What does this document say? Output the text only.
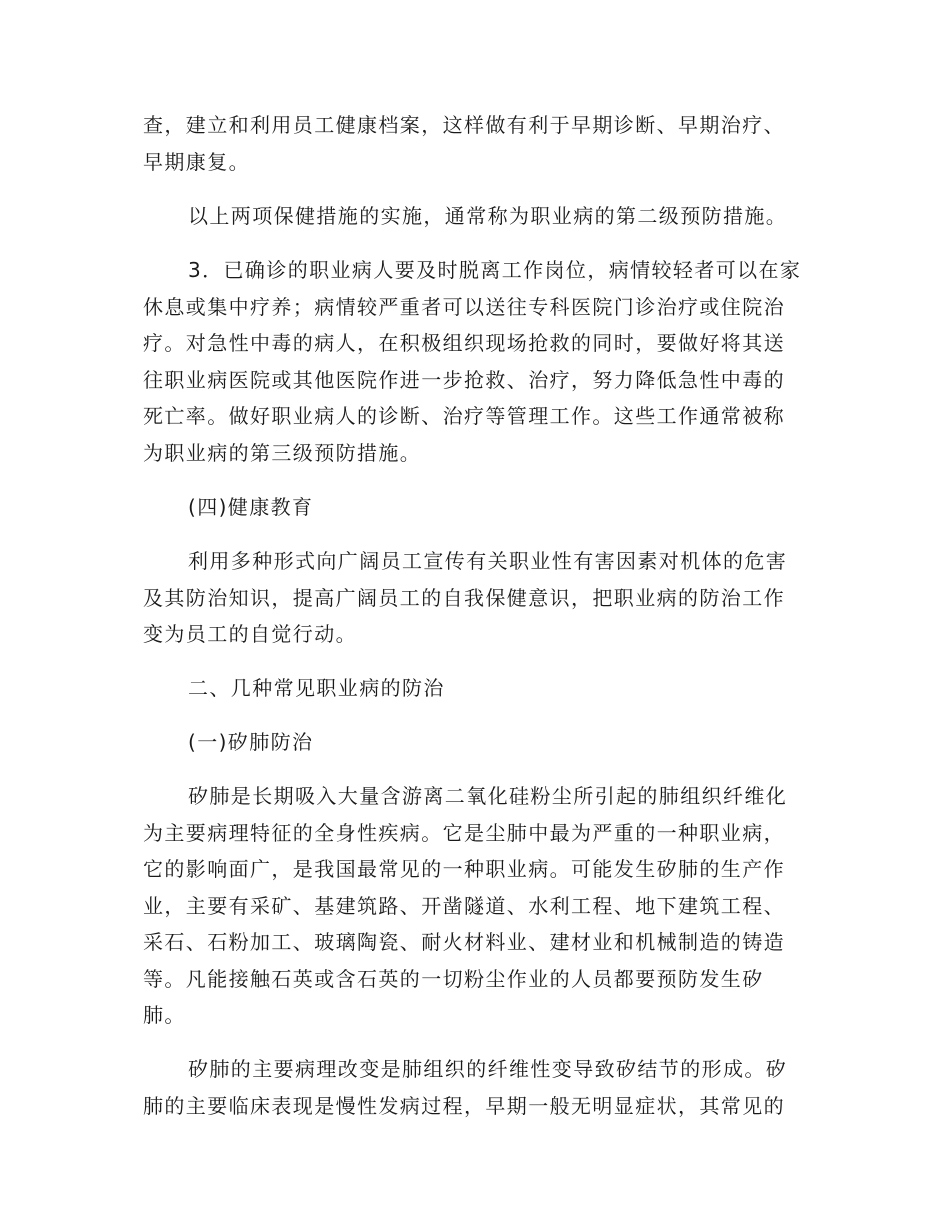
查，建立和利用员工健康档案，这样做有利于早期诊断、早期治疗、早期康复。
以上两项保健措施的实施，通常称为职业病的第二级预防措施。
3．已确诊的职业病人要及时脱离工作岗位，病情较轻者可以在家休息或集中疗养；病情较严重者可以送往专科医院门诊治疗或住院治疗。对急性中毒的病人，在积极组织现场抢救的同时，要做好将其送往职业病医院或其他医院作进一步抢救、治疗，努力降低急性中毒的死亡率。做好职业病人的诊断、治疗等管理工作。这些工作通常被称为职业病的第三级预防措施。
(四)健康教育
利用多种形式向广阔员工宣传有关职业性有害因素对机体的危害及其防治知识，提高广阔员工的自我保健意识，把职业病的防治工作变为员工的自觉行动。
二、几种常见职业病的防治
(一)矽肺防治
矽肺是长期吸入大量含游离二氧化硅粉尘所引起的肺组织纤维化为主要病理特征的全身性疾病。它是尘肺中最为严重的一种职业病，它的影响面广，是我国最常见的一种职业病。可能发生矽肺的生产作业，主要有采矿、基建筑路、开凿隧道、水利工程、地下建筑工程、采石、石粉加工、玻璃陶瓷、耐火材料业、建材业和机械制造的铸造等。凡能接触石英或含石英的一切粉尘作业的人员都要预防发生矽肺。
矽肺的主要病理改变是肺组织的纤维性变导致矽结节的形成。矽肺的主要临床表现是慢性发病过程，早期一般无明显症状，其常见的
